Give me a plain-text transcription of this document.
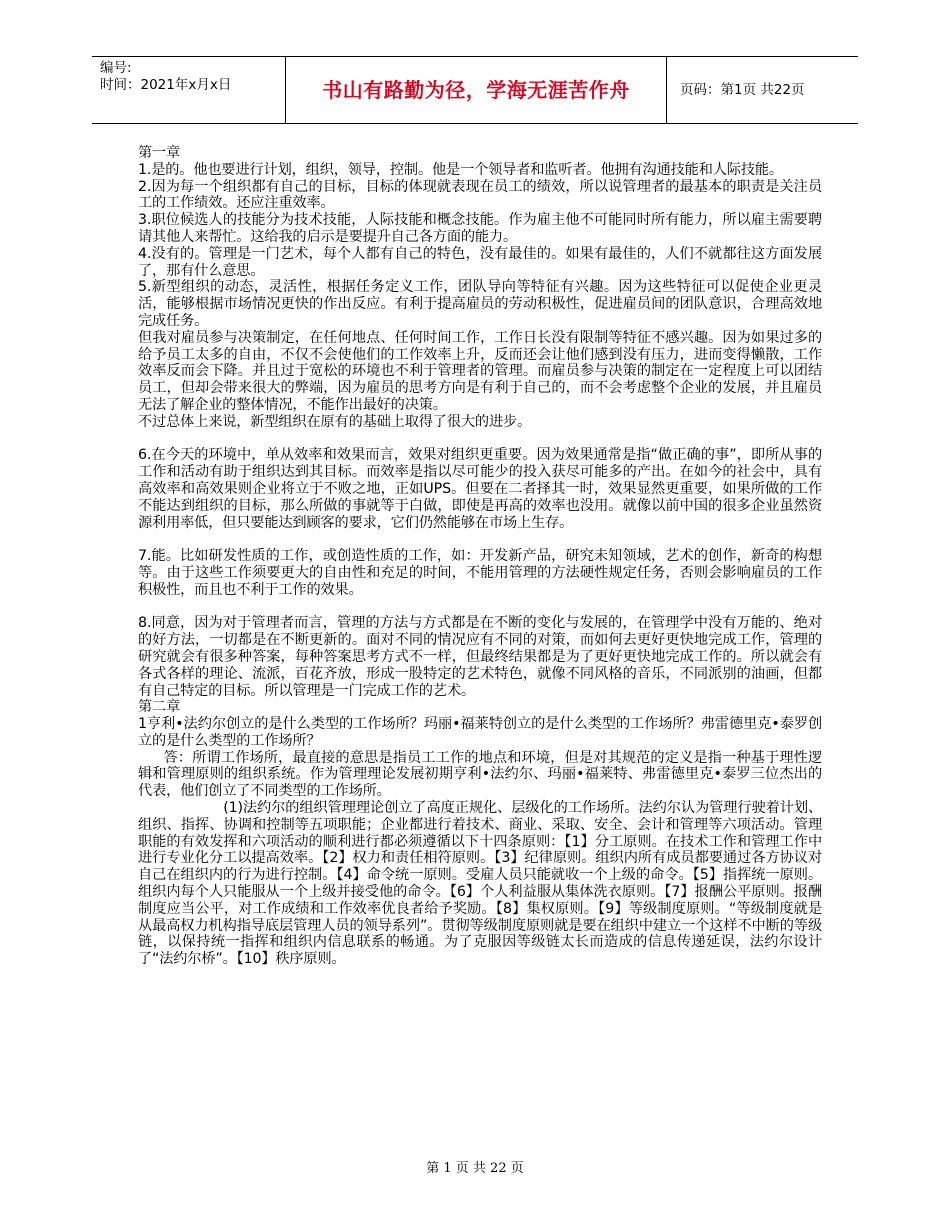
编号:
时间：2021年x月x日	书山有路勤为径，学海无涯苦作舟	页码：第1页 共22页

第一章

1.是的。他也要进行计划，组织，领导，控制。他是一个领导者和监听者。他拥有沟通技能和人际技能。

2.因为每一个组织都有自己的目标，目标的体现就表现在员工的绩效，所以说管理者的最基本的职责是关注员工的工作绩效。还应注重效率。

3.职位候选人的技能分为技术技能，人际技能和概念技能。作为雇主他不可能同时所有能力，所以雇主需要聘请其他人来帮忙。这给我的启示是要提升自己各方面的能力。

4.没有的。管理是一门艺术，每个人都有自己的特色，没有最佳的。如果有最佳的，人们不就都往这方面发展了，那有什么意思。

5.新型组织的动态，灵活性，根据任务定义工作，团队导向等特征有兴趣。因为这些特征可以促使企业更灵活，能够根据市场情况更快的作出反应。有利于提高雇员的劳动积极性，促进雇员间的团队意识，合理高效地完成任务。

但我对雇员参与决策制定，在任何地点、任何时间工作，工作日长没有限制等特征不感兴趣。因为如果过多的给予员工太多的自由，不仅不会使他们的工作效率上升，反而还会让他们感到没有压力，进而变得懒散，工作效率反而会下降。并且过于宽松的环境也不利于管理者的管理。而雇员参与决策的制定在一定程度上可以团结员工，但却会带来很大的弊端，因为雇员的思考方向是有利于自己的，而不会考虑整个企业的发展，并且雇员无法了解企业的整体情况，不能作出最好的决策。

不过总体上来说，新型组织在原有的基础上取得了很大的进步。

6.在今天的环境中，单从效率和效果而言，效果对组织更重要。因为效果通常是指“做正确的事”，即所从事的工作和活动有助于组织达到其目标。而效率是指以尽可能少的投入获尽可能多的产出。在如今的社会中，具有高效率和高效果则企业将立于不败之地，正如UPS。但要在二者择其一时，效果显然更重要，如果所做的工作不能达到组织的目标，那么所做的事就等于白做，即使是再高的效率也没用。就像以前中国的很多企业虽然资源利用率低，但只要能达到顾客的要求，它们仍然能够在市场上生存。

7.能。比如研发性质的工作，或创造性质的工作，如：开发新产品，研究未知领域，艺术的创作，新奇的构想等。由于这些工作须要更大的自由性和充足的时间，不能用管理的方法硬性规定任务，否则会影响雇员的工作积极性，而且也不利于工作的效果。

8.同意，因为对于管理者而言，管理的方法与方式都是在不断的变化与发展的，在管理学中没有万能的、绝对的好方法，一切都是在不断更新的。面对不同的情况应有不同的对策，而如何去更好更快地完成工作，管理的研究就会有很多种答案，每种答案思考方式不一样，但最终结果都是为了更好更快地完成工作的。所以就会有各式各样的理论、流派，百花齐放，形成一股特定的艺术特色，就像不同风格的音乐，不同派别的油画，但都有自己特定的目标。所以管理是一门完成工作的艺术。

第二章

1亨利•法约尔创立的是什么类型的工作场所？玛丽•福莱特创立的是什么类型的工作场所？弗雷德里克•泰罗创立的是什么类型的工作场所？

答：所谓工作场所，最直接的意思是指员工工作的地点和环境，但是对其规范的定义是指一种基于理性逻辑和管理原则的组织系统。作为管理理论发展初期亨利•法约尔、玛丽•福莱特、弗雷德里克•泰罗三位杰出的代表，他们创立了不同类型的工作场所。

(1)法约尔的组织管理理论创立了高度正规化、层级化的工作场所。法约尔认为管理行驶着计划、组织、指挥、协调和控制等五项职能；企业都进行着技术、商业、采取、安全、会计和管理等六项活动。管理职能的有效发挥和六项活动的顺利进行都必须遵循以下十四条原则：【1】分工原则。在技术工作和管理工作中进行专业化分工以提高效率。【2】权力和责任相符原则。【3】纪律原则。组织内所有成员都要通过各方协议对自己在组织内的行为进行控制。【4】命令统一原则。受雇人员只能就收一个上级的命令。【5】指挥统一原则。组织内每个人只能服从一个上级并接受他的命令。【6】个人利益服从集体洗衣原则。【7】报酬公平原则。报酬制度应当公平，对工作成绩和工作效率优良者给予奖励。【8】集权原则。【9】等级制度原则。“等级制度就是从最高权力机构指导底层管理人员的领导系列”。贯彻等级制度原则就是要在组织中建立一个这样不中断的等级链，以保持统一指挥和组织内信息联系的畅通。为了克服因等级链太长而造成的信息传递延误，法约尔设计了“法约尔桥”。【10】秩序原则。

第 1 页 共 22 页
